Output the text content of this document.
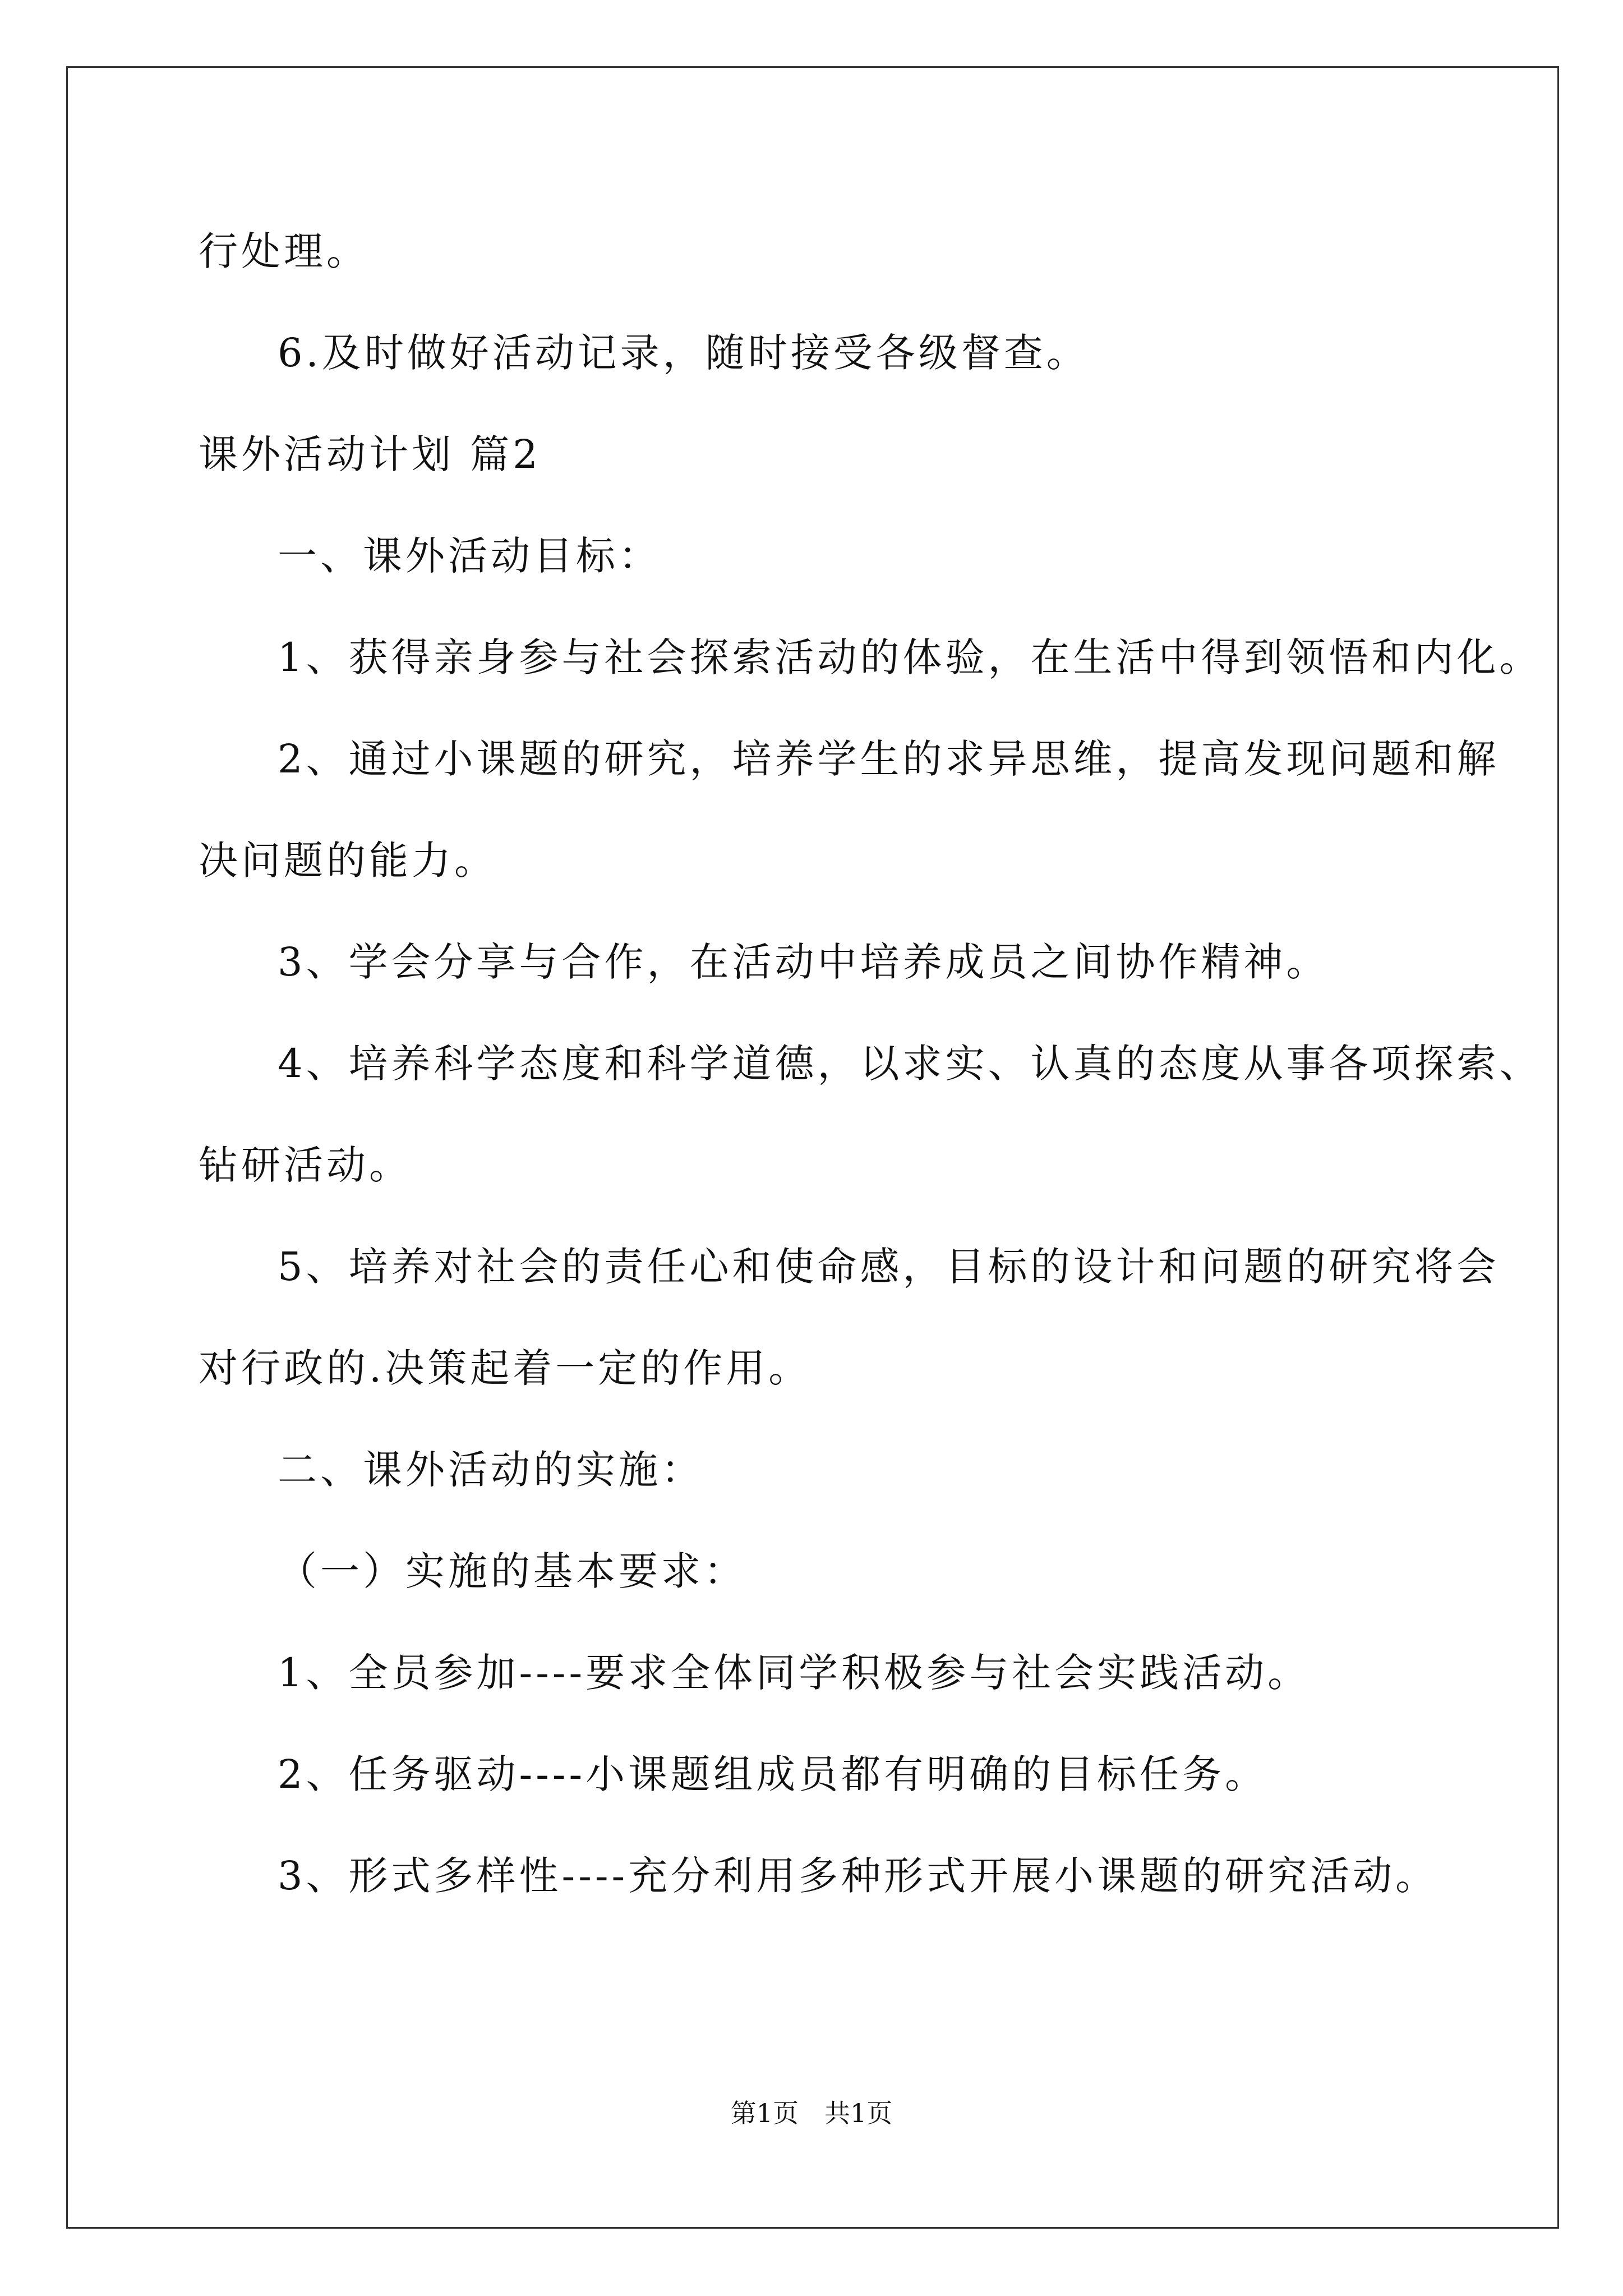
行处理。
6.及时做好活动记录，随时接受各级督查。
课外活动计划 篇2
一、课外活动目标：
1、获得亲身参与社会探索活动的体验，在生活中得到领悟和内化。
2、通过小课题的研究，培养学生的求异思维，提高发现问题和解
决问题的能力。
3、学会分享与合作，在活动中培养成员之间协作精神。
4、培养科学态度和科学道德，以求实、认真的态度从事各项探索、
钻研活动。
5、培养对社会的责任心和使命感，目标的设计和问题的研究将会
对行政的.决策起着一定的作用。
二、课外活动的实施：
（一）实施的基本要求：
1、全员参加----要求全体同学积极参与社会实践活动。
2、任务驱动----小课题组成员都有明确的目标任务。
3、形式多样性----充分利用多种形式开展小课题的研究活动。
第1页　共1页
